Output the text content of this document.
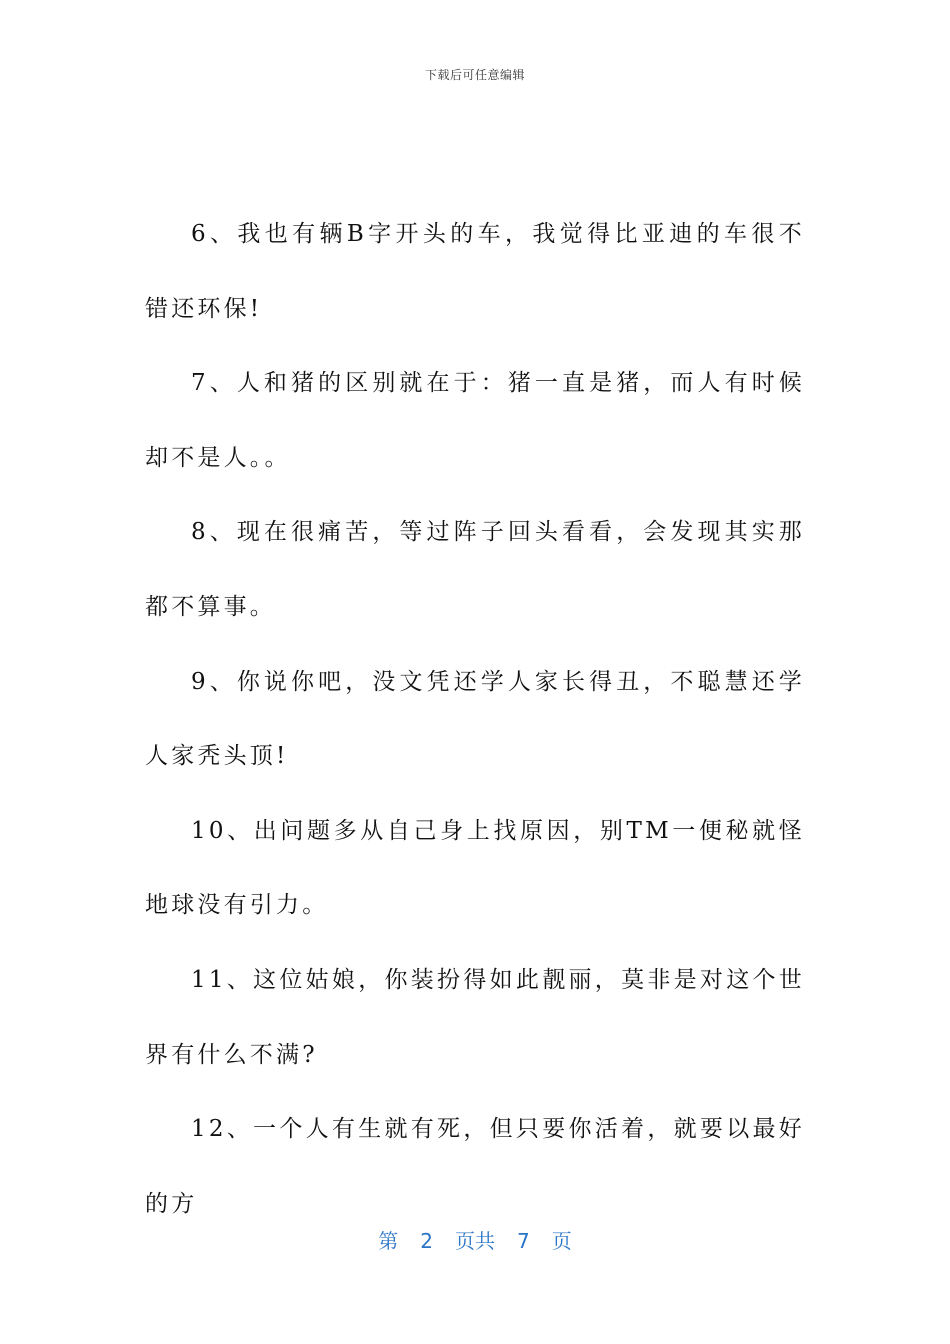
下载后可任意编辑

6、我也有辆B字开头的车，我觉得比亚迪的车很不错还环保!

7、人和猪的区别就在于：猪一直是猪，而人有时候却不是人。。

8、现在很痛苦，等过阵子回头看看，会发现其实那都不算事。

9、你说你吧，没文凭还学人家长得丑，不聪慧还学人家秃头顶!

10、出问题多从自己身上找原因，别TM一便秘就怪地球没有引力。

11、这位姑娘，你装扮得如此靓丽，莫非是对这个世界有什么不满?

12、一个人有生就有死，但只要你活着，就要以最好的方

第 2 页共 7 页
